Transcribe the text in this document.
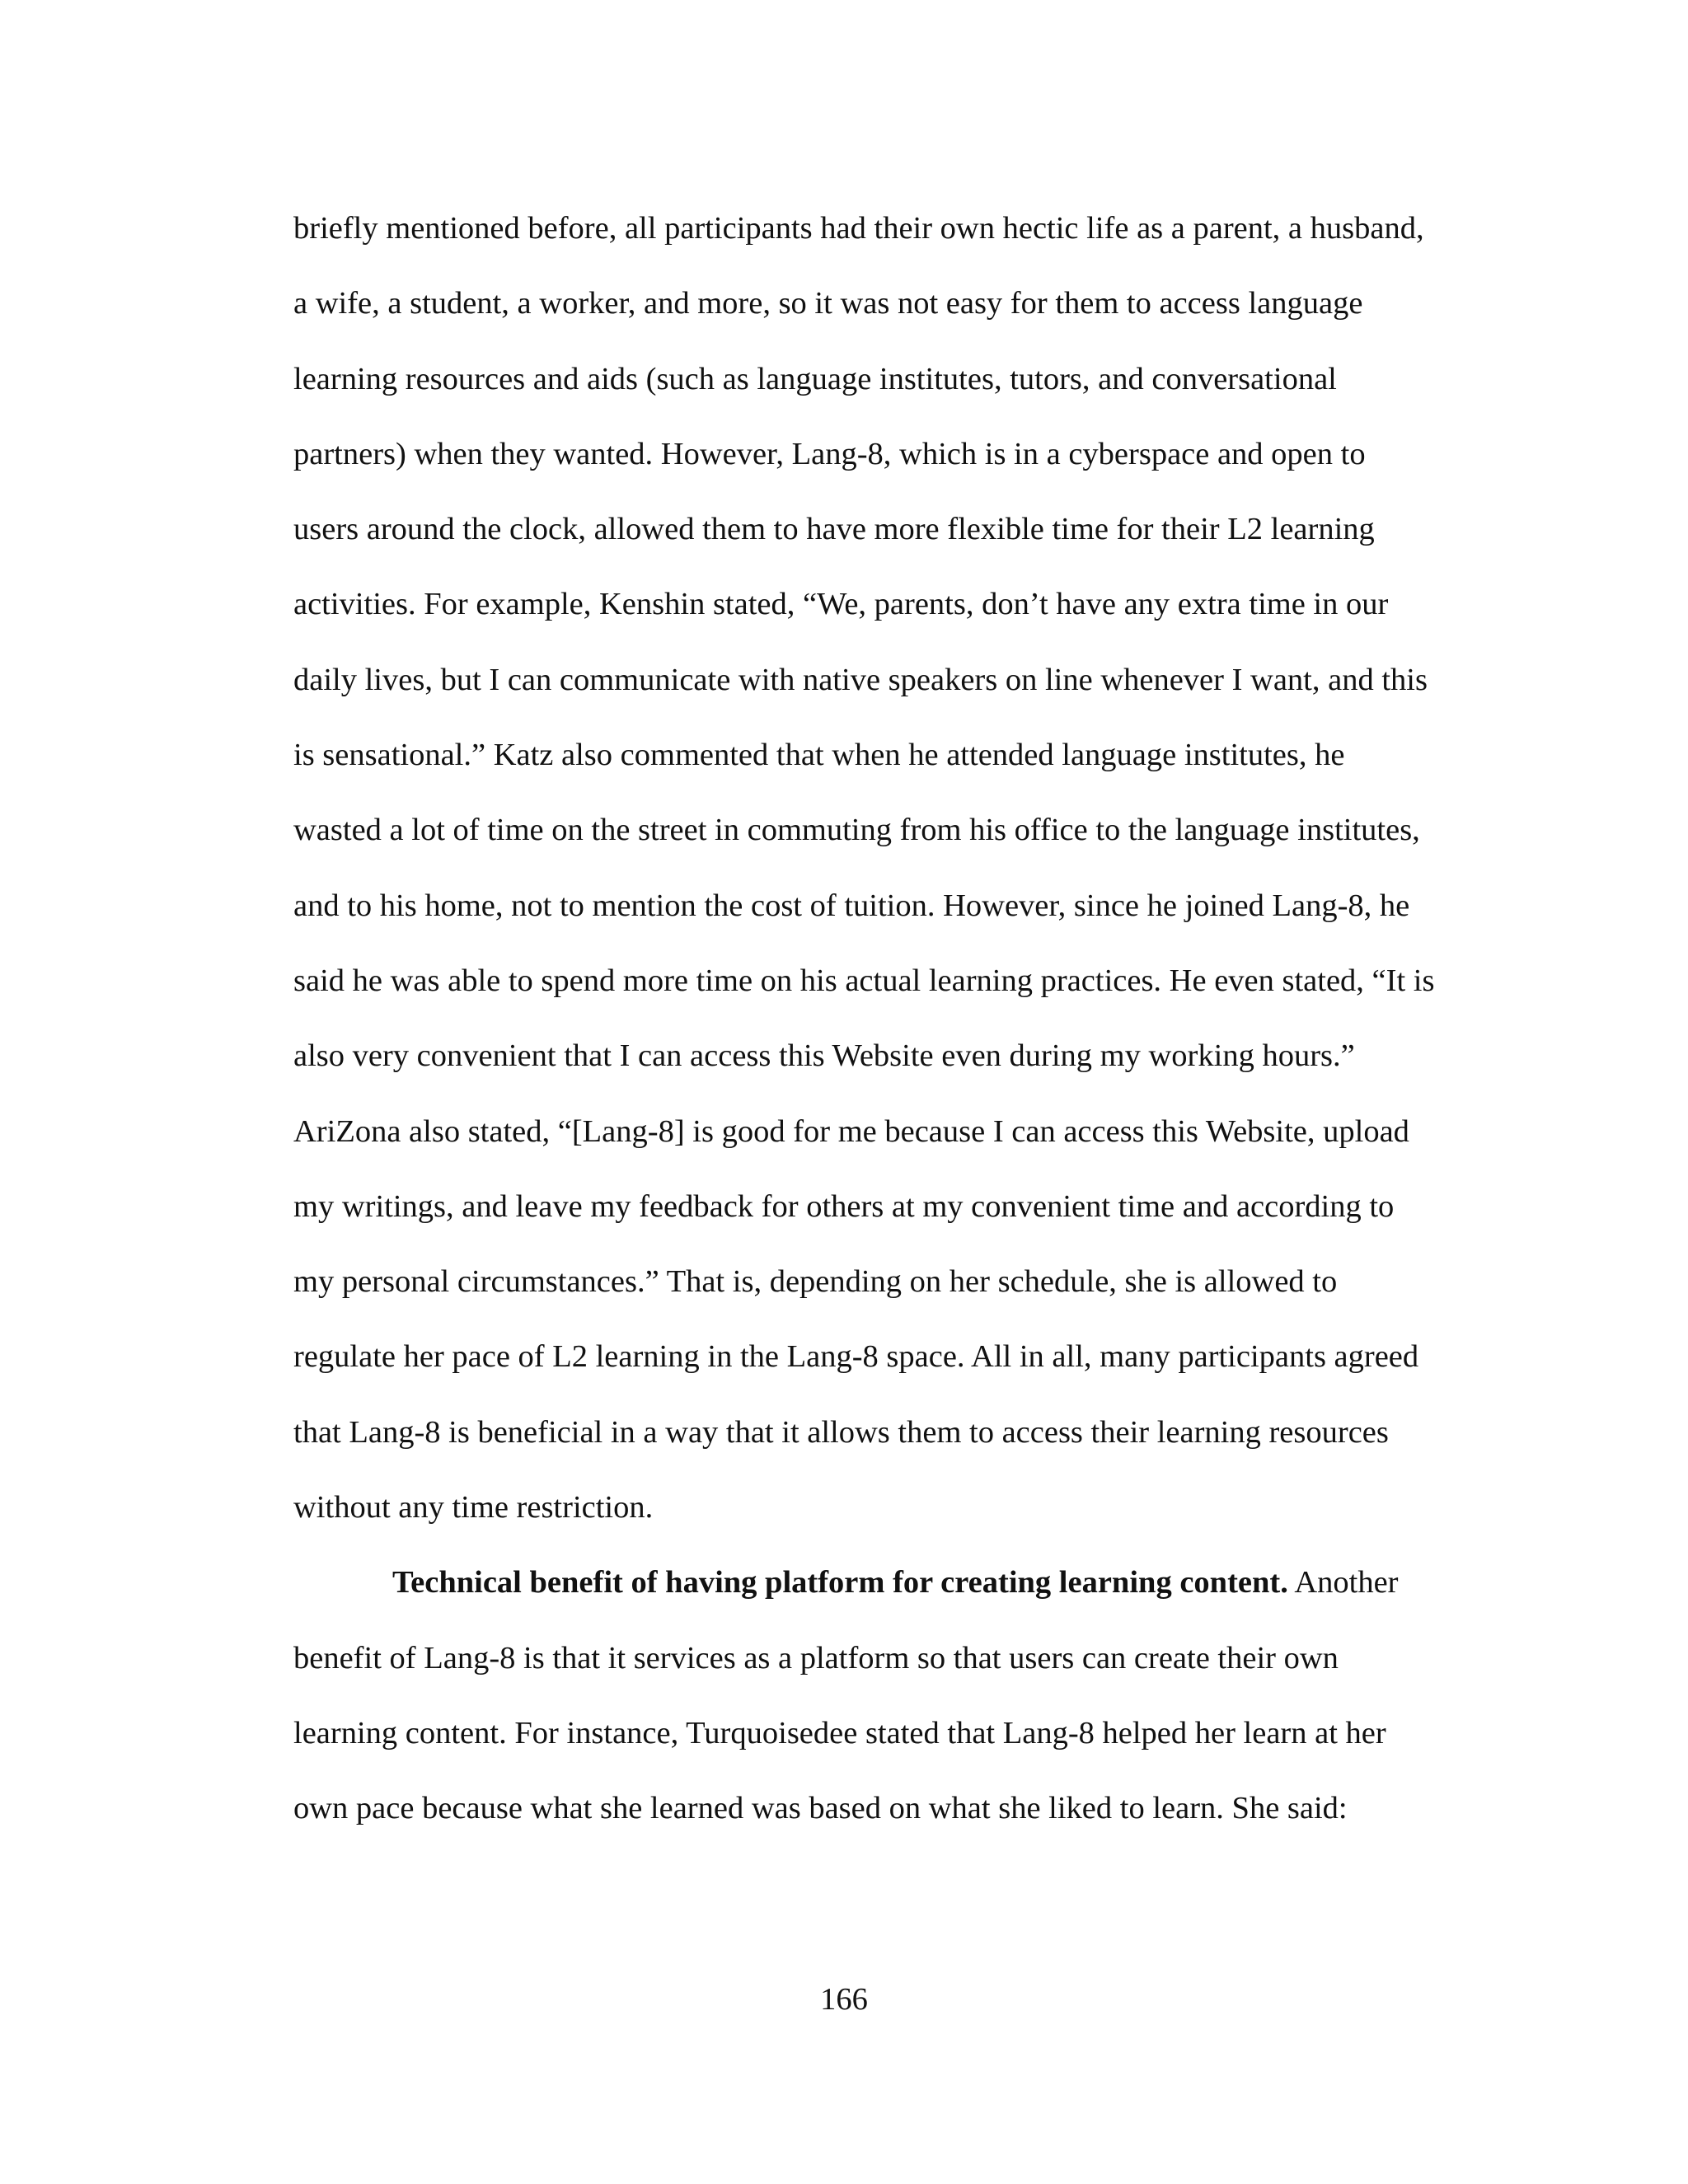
briefly mentioned before, all participants had their own hectic life as a parent, a husband,
a wife, a student, a worker, and more, so it was not easy for them to access language
learning resources and aids (such as language institutes, tutors, and conversational
partners) when they wanted. However, Lang-8, which is in a cyberspace and open to
users around the clock, allowed them to have more flexible time for their L2 learning
activities. For example, Kenshin stated, “We, parents, don’t have any extra time in our
daily lives, but I can communicate with native speakers on line whenever I want, and this
is sensational.” Katz also commented that when he attended language institutes, he
wasted a lot of time on the street in commuting from his office to the language institutes,
and to his home, not to mention the cost of tuition. However, since he joined Lang-8, he
said he was able to spend more time on his actual learning practices. He even stated, “It is
also very convenient that I can access this Website even during my working hours.”
AriZona also stated, “[Lang-8] is good for me because I can access this Website, upload
my writings, and leave my feedback for others at my convenient time and according to
my personal circumstances.” That is, depending on her schedule, she is allowed to
regulate her pace of L2 learning in the Lang-8 space. All in all, many participants agreed
that Lang-8 is beneficial in a way that it allows them to access their learning resources
without any time restriction.
Technical benefit of having platform for creating learning content. Another
benefit of Lang-8 is that it services as a platform so that users can create their own
learning content. For instance, Turquoisedee stated that Lang-8 helped her learn at her
own pace because what she learned was based on what she liked to learn. She said:
166
